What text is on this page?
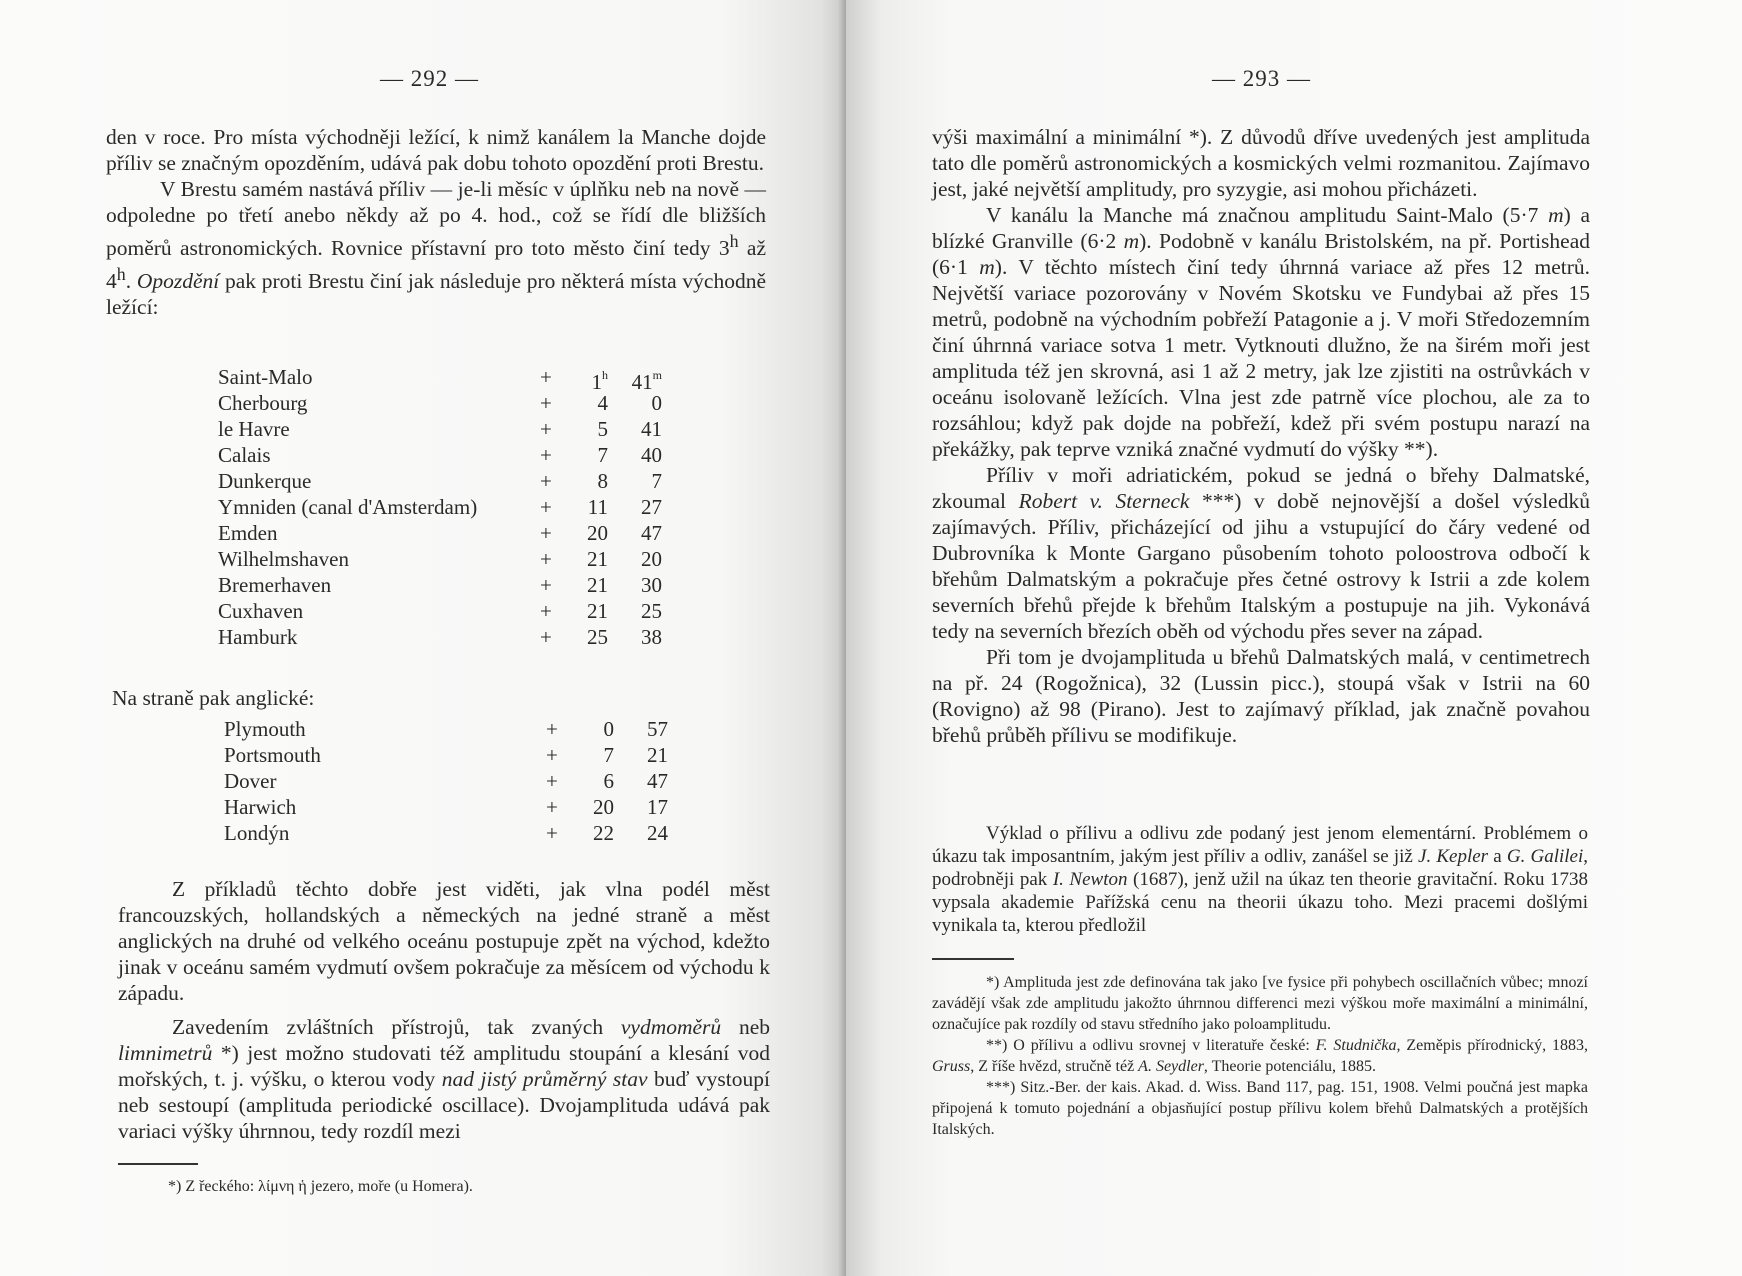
— 292 —

den v roce. Pro místa východněji ležící, k nimž kanálem la Manche dojde příliv se značným opozděním, udává pak dobu tohoto opozdění proti Brestu.

V Brestu samém nastává příliv — je-li měsíc v úplňku neb na nově — odpoledne po třetí anebo někdy až po 4. hod., což se řídí dle bližších poměrů astronomických. Rovnice přístavní pro toto město činí tedy 3$^h$ až 4$^h$. Opozdění pak proti Brestu činí jak následuje pro některá místa východně ležící:

Saint-Malo	+	$1^h$	41$^m$
Cherbourg	+	4	0
le Havre	+	5	41
Calais	+	7	40
Dunkerque	+	8	7
Ymniden (canal d'Amsterdam)	+	11	27
Emden	+	20	47
Wilhelmshaven	+	21	20
Bremerhaven	+	21	30
Cuxhaven	+	21	25
Hamburk	+	25	38
Na straně pak anglické:
Plymouth	+	0	57
Portsmouth	+	7	21
Dover	+	6	47
Harwich	+	20	17
Londýn	+	22	24

Z příkladů těchto dobře jest viděti, jak vlna podél měst francouzských, hollandských a německých na jedné straně a měst anglických na druhé od velkého oceánu postupuje zpět na východ, kdežto jinak v oceánu samém vydmutí ovšem pokračuje za měsícem od východu k západu.

Zavedením zvláštních přístrojů, tak zvaných vydmoměrů neb limnimetrů *) jest možno studovati též amplitudu stoupání a klesání vod mořských, t. j. výšku, o kterou vody nad jistý průměrný stav buď vystoupí neb sestoupí (amplituda periodické oscillace). Dvojamplituda udává pak variaci výšky úhrnnou, tedy rozdíl mezi

*) Z řeckého: λίμνη ἡ jezero, moře (u Homera).
— 293 —

výši maximální a minimální *). Z důvodů dříve uvedených jest amplituda tato dle poměrů astronomických a kosmických velmi rozmanitou. Zajímavo jest, jaké největší amplitudy, pro syzygie, asi mohou přicházeti.

V kanálu la Manche má značnou amplitudu Saint-Malo (5·7 m) a blízké Granville (6·2 m). Podobně v kanálu Bristolském, na př. Portishead (6·1 m). V těchto místech činí tedy úhrnná variace až přes 12 metrů. Největší variace pozorovány v Novém Skotsku ve Fundybai až přes 15 metrů, podobně na východním pobřeží Patagonie a j. V moři Středozemním činí úhrnná variace sotva 1 metr. Vytknouti dlužno, že na širém moři jest amplituda též jen skrovná, asi 1 až 2 metry, jak lze zjistiti na ostrůvkách v oceánu isolovaně ležících. Vlna jest zde patrně více plochou, ale za to rozsáhlou; když pak dojde na pobřeží, kdež při svém postupu narazí na překážky, pak teprve vzniká značné vydmutí do výšky **).

Příliv v moři adriatickém, pokud se jedná o břehy Dalmatské, zkoumal Robert v. Sterneck ***) v době nejnovější a došel výsledků zajímavých. Příliv, přicházející od jihu a vstupující do čáry vedené od Dubrovníka k Monte Gargano působením tohoto poloostrova odbočí k břehům Dalmatským a pokračuje přes četné ostrovy k Istrii a zde kolem severních břehů přejde k břehům Italským a postupuje na jih. Vykonává tedy na severních březích oběh od východu přes sever na západ.

Při tom je dvojamplituda u břehů Dalmatských malá, v centimetrech na př. 24 (Rogožnica), 32 (Lussin picc.), stoupá však v Istrii na 60 (Rovigno) až 98 (Pirano). Jest to zajímavý příklad, jak značně povahou břehů průběh přílivu se modifikuje.

Výklad o přílivu a odlivu zde podaný jest jenom elementární. Problémem o úkazu tak imposantním, jakým jest příliv a odliv, zanášel se již J. Kepler a G. Galilei, podrobněji pak I. Newton (1687), jenž užil na úkaz ten theorie gravitační. Roku 1738 vypsala akademie Pařížská cenu na theorii úkazu toho. Mezi pracemi došlými vynikala ta, kterou předložil

*) Amplituda jest zde definována tak jako [ve fysice při pohybech oscillačních vůbec; mnozí zavádějí však zde amplitudu jakožto úhrnnou differenci mezi výškou moře maximální a minimální, označujíce pak rozdíly od stavu středního jako poloamplitudu.

**) O přílivu a odlivu srovnej v literatuře české: F. Studnička, Zeměpis přírodnický, 1883, Gruss, Z říše hvězd, stručně též A. Seydler, Theorie potenciálu, 1885.

***) Sitz.-Ber. der kais. Akad. d. Wiss. Band 117, pag. 151, 1908. Velmi poučná jest mapka připojená k tomuto pojednání a objasňující postup přílivu kolem břehů Dalmatských a protějších Italských.
